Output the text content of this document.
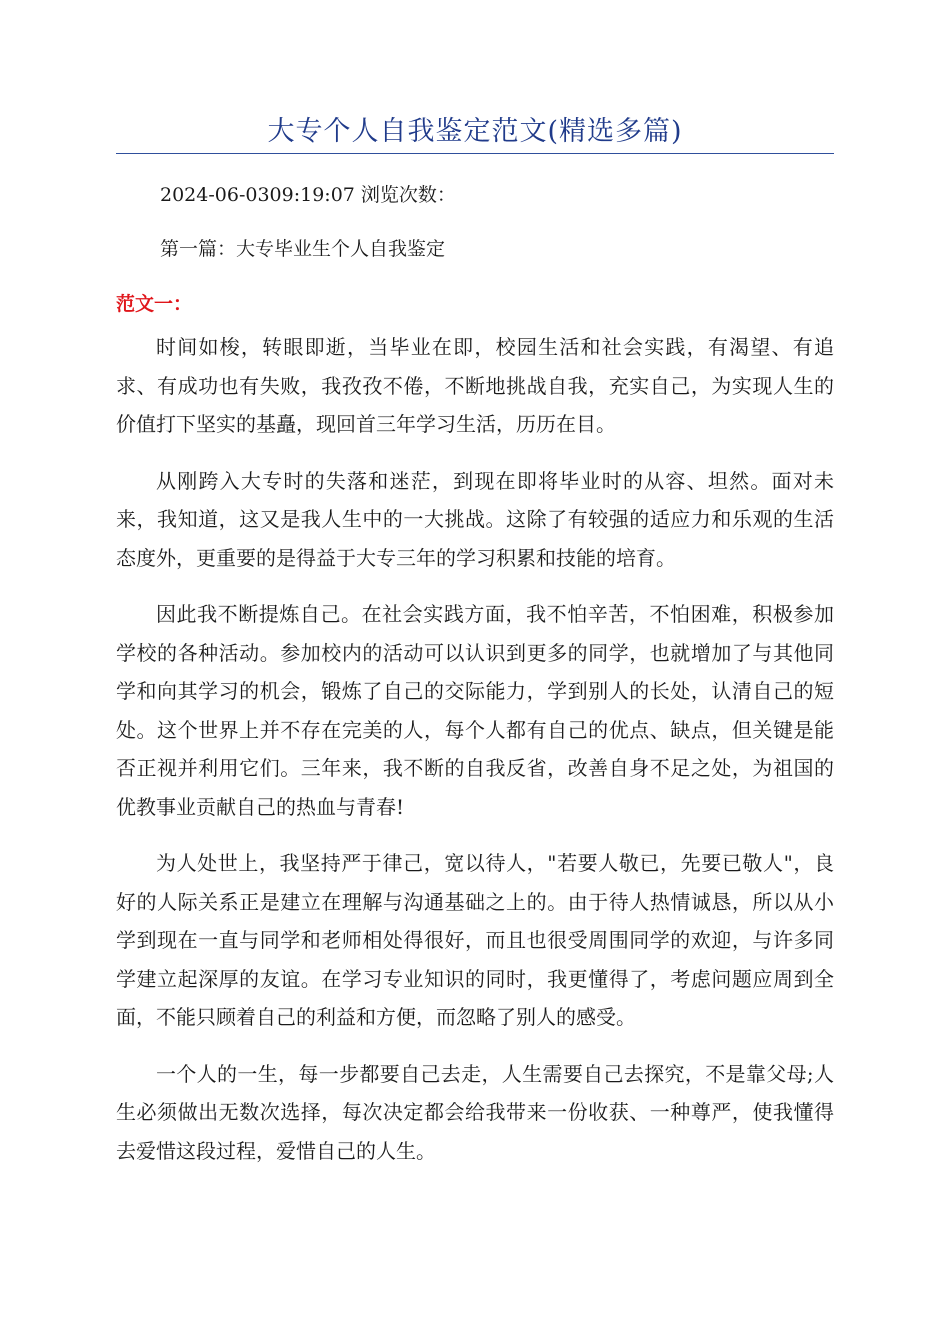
大专个人自我鉴定范文(精选多篇)
2024-06-0309:19:07 浏览次数：
第一篇：大专毕业生个人自我鉴定
范文一：

时间如梭，转眼即逝，当毕业在即，校园生活和社会实践，有渴望、有追求、有成功也有失败，我孜孜不倦，不断地挑战自我，充实自己，为实现人生的价值打下坚实的基矗，现回首三年学习生活，历历在目。

从刚跨入大专时的失落和迷茫，到现在即将毕业时的从容、坦然。面对未来，我知道，这又是我人生中的一大挑战。这除了有较强的适应力和乐观的生活态度外，更重要的是得益于大专三年的学习积累和技能的培育。

因此我不断提炼自己。在社会实践方面，我不怕辛苦，不怕困难，积极参加学校的各种活动。参加校内的活动可以认识到更多的同学，也就增加了与其他同学和向其学习的机会，锻炼了自己的交际能力，学到别人的长处，认清自己的短处。这个世界上并不存在完美的人，每个人都有自己的优点、缺点，但关键是能否正视并利用它们。三年来，我不断的自我反省，改善自身不足之处，为祖国的优教事业贡献自己的热血与青春!

为人处世上，我坚持严于律己，宽以待人，"若要人敬已，先要已敬人"，良好的人际关系正是建立在理解与沟通基础之上的。由于待人热情诚恳，所以从小学到现在一直与同学和老师相处得很好，而且也很受周围同学的欢迎，与许多同学建立起深厚的友谊。在学习专业知识的同时，我更懂得了，考虑问题应周到全面，不能只顾着自己的利益和方便，而忽略了别人的感受。

一个人的一生，每一步都要自己去走，人生需要自己去探究，不是靠父母;人生必须做出无数次选择，每次决定都会给我带来一份收获、一种尊严，使我懂得去爱惜这段过程，爱惜自己的人生。
